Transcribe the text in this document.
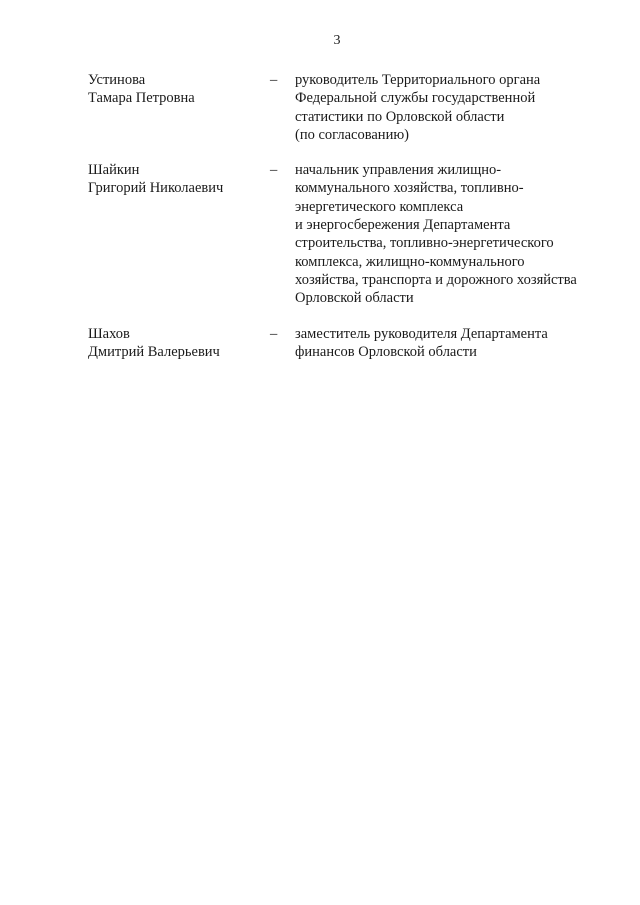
3
Устинова
Тамара Петровна
– руководитель Территориального органа
Федеральной службы государственной
статистики по Орловской области
(по согласованию)
Шайкин
Григорий Николаевич
– начальник управления жилищно-
коммунального хозяйства, топливно-
энергетического комплекса
и энергосбережения Департамента
строительства, топливно-энергетического
комплекса, жилищно-коммунального
хозяйства, транспорта и дорожного хозяйства
Орловской области
Шахов
Дмитрий Валерьевич
– заместитель руководителя Департамента
финансов Орловской области
